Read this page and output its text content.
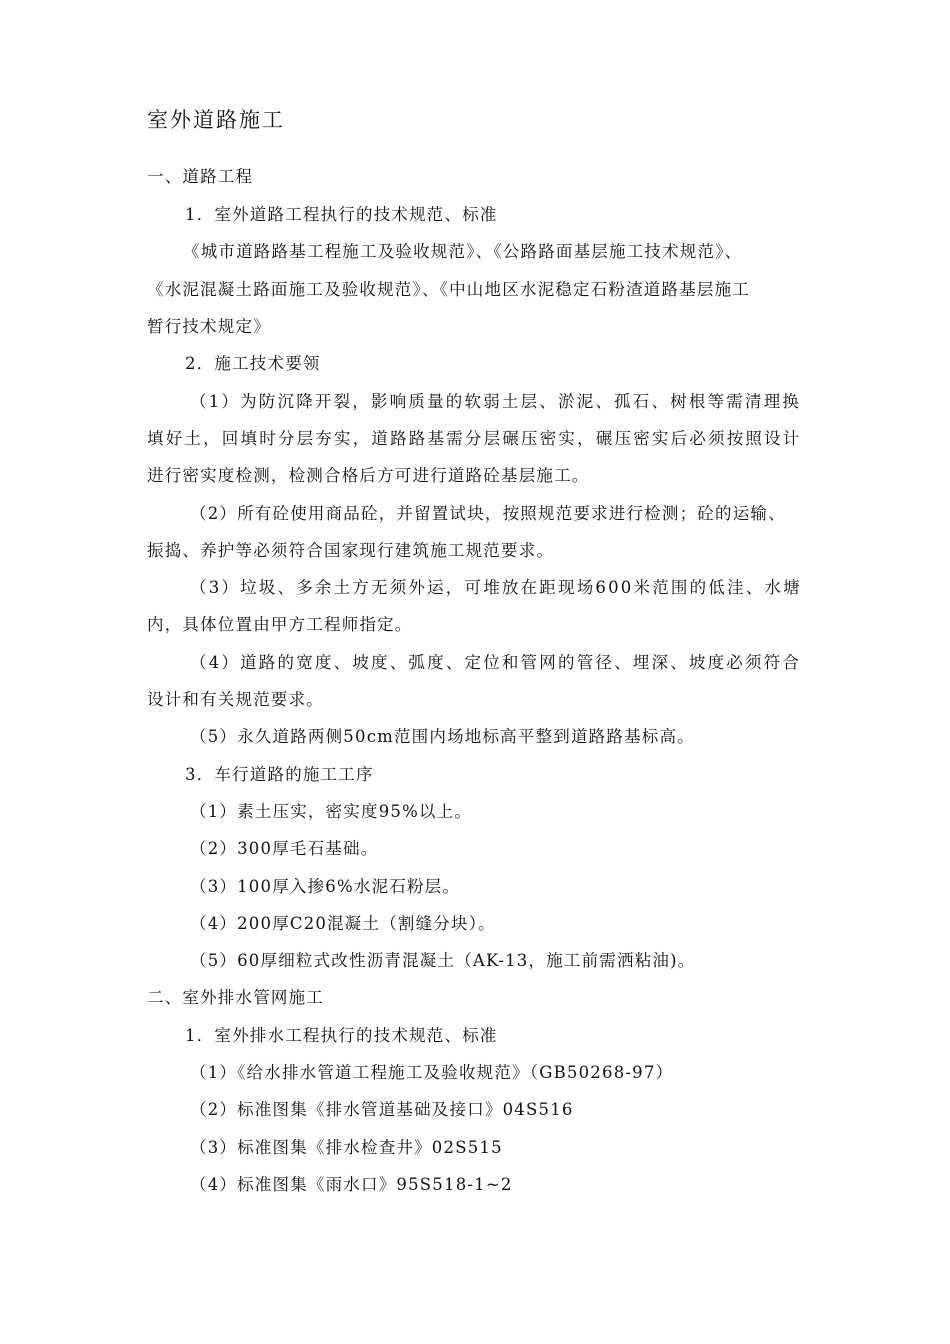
室外道路施工
一、道路工程
1．室外道路工程执行的技术规范、标准
《城市道路路基工程施工及验收规范》、《公路路面基层施工技术规范》、
《水泥混凝土路面施工及验收规范》、《中山地区水泥稳定石粉渣道路基层施工
暂行技术规定》
2．施工技术要领
（1）为防沉降开裂，影响质量的软弱土层、淤泥、孤石、树根等需清理换
填好土，回填时分层夯实，道路路基需分层碾压密实，碾压密实后必须按照设计
进行密实度检测，检测合格后方可进行道路砼基层施工。
（2）所有砼使用商品砼，并留置试块，按照规范要求进行检测；砼的运输、
振捣、养护等必须符合国家现行建筑施工规范要求。
（3）垃圾、多余土方无须外运，可堆放在距现场600米范围的低洼、水塘
内，具体位置由甲方工程师指定。
（4）道路的宽度、坡度、弧度、定位和管网的管径、埋深、坡度必须符合
设计和有关规范要求。
（5）永久道路两侧50cm范围内场地标高平整到道路路基标高。
3．车行道路的施工工序
（1）素土压实，密实度95%以上。
（2）300厚毛石基础。
（3）100厚入掺6%水泥石粉层。
（4）200厚C20混凝土（割缝分块）。
（5）60厚细粒式改性沥青混凝土（AK-13，施工前需洒粘油)。
二、室外排水管网施工
1．室外排水工程执行的技术规范、标准
（1）《给水排水管道工程施工及验收规范》（GB50268-97）
（2）标准图集《排水管道基础及接口》04S516
（3）标准图集《排水检查井》02S515
（4）标准图集《雨水口》95S518-1~2
